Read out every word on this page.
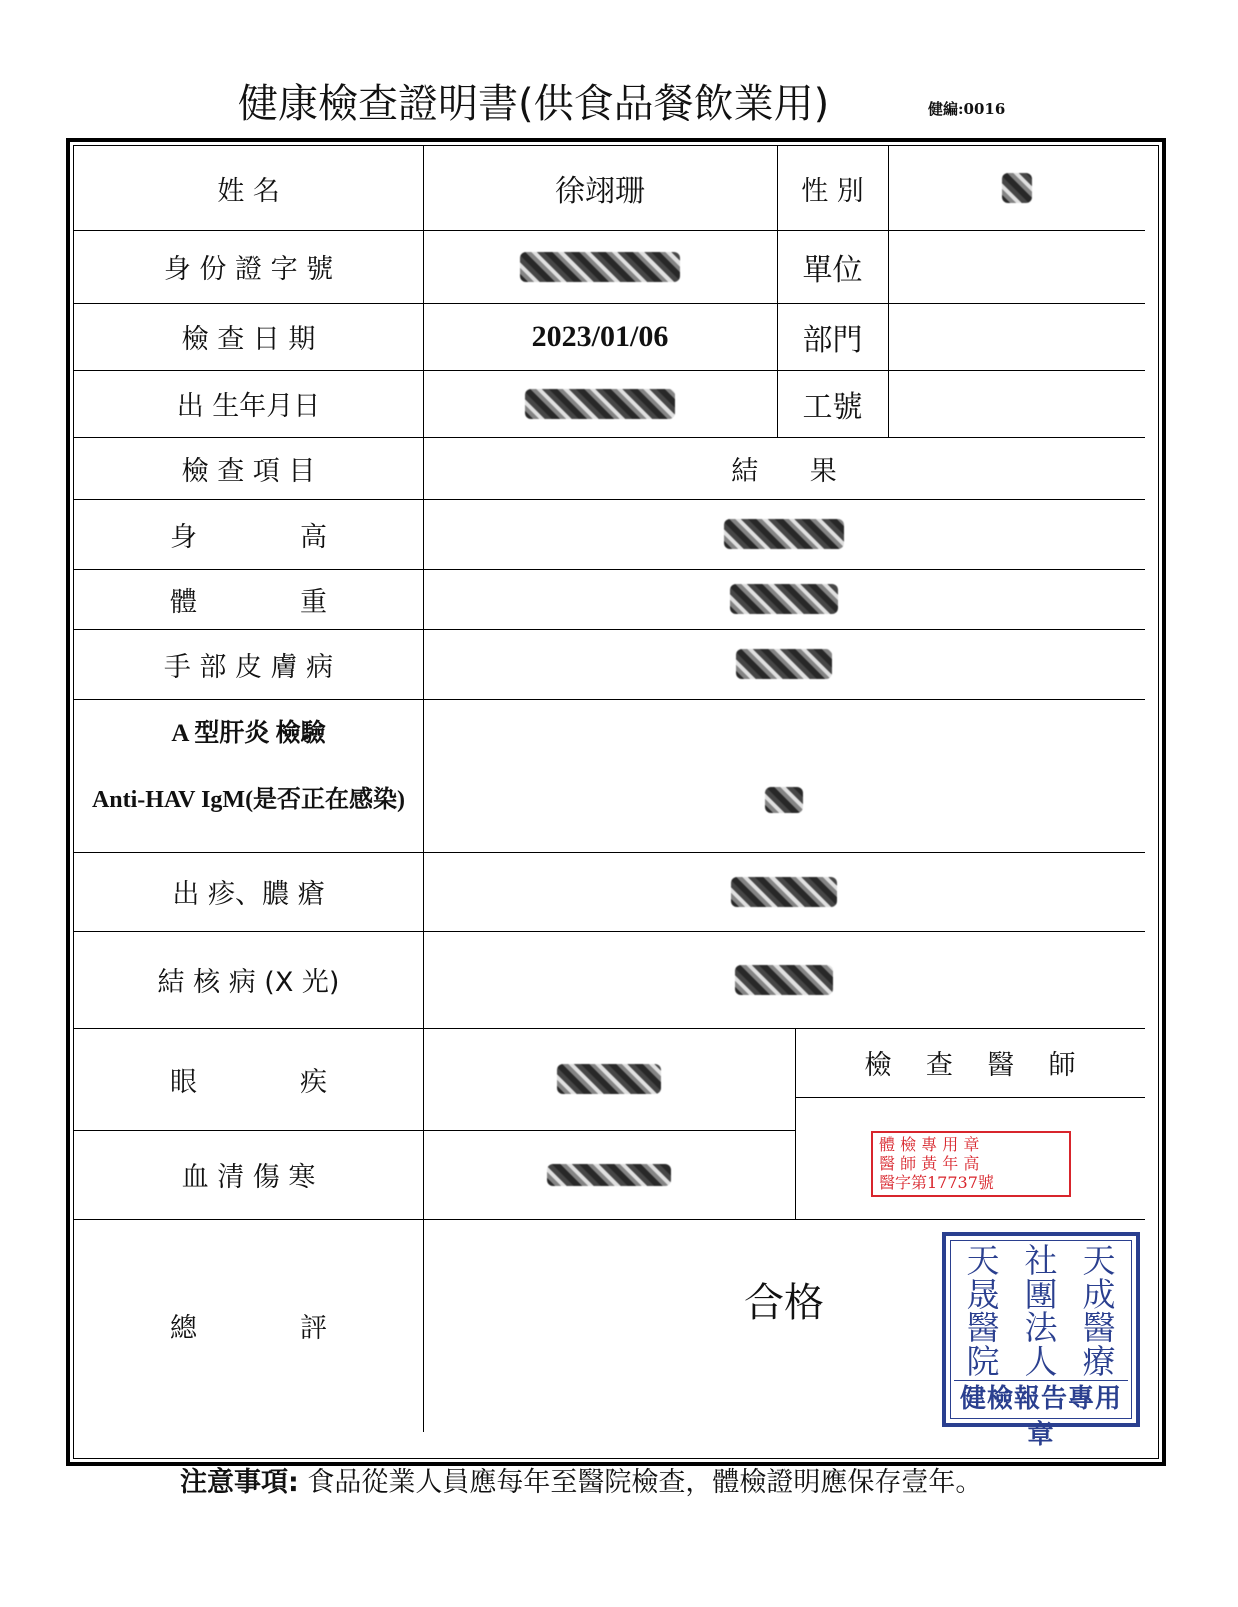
健康檢查證明書(供食品餐飲業用)	健編:0016
姓 名	徐翊珊	性 別
身 份 證 字 號	單位
檢 查 日 期	2023/01/06	部門
出 生年月日	工號
檢 查 項 目	結      果
身            高
體            重
手 部 皮 膚 病
A 型肝炎 檢驗
Anti-HAV IgM(是否正在感染)
出 疹、膿 瘡
結 核 病 (X 光)
眼            疾
檢    查    醫    師
血 清 傷 寒
體 檢 專 用 章
醫 師 黃 年 高
醫字第17737號
總            評
合格
天 社 天
晟 團 成
醫 法 醫
院 人 療
健檢報告專用章
注意事項: 食品從業人員應每年至醫院檢查，體檢證明應保存壹年。
